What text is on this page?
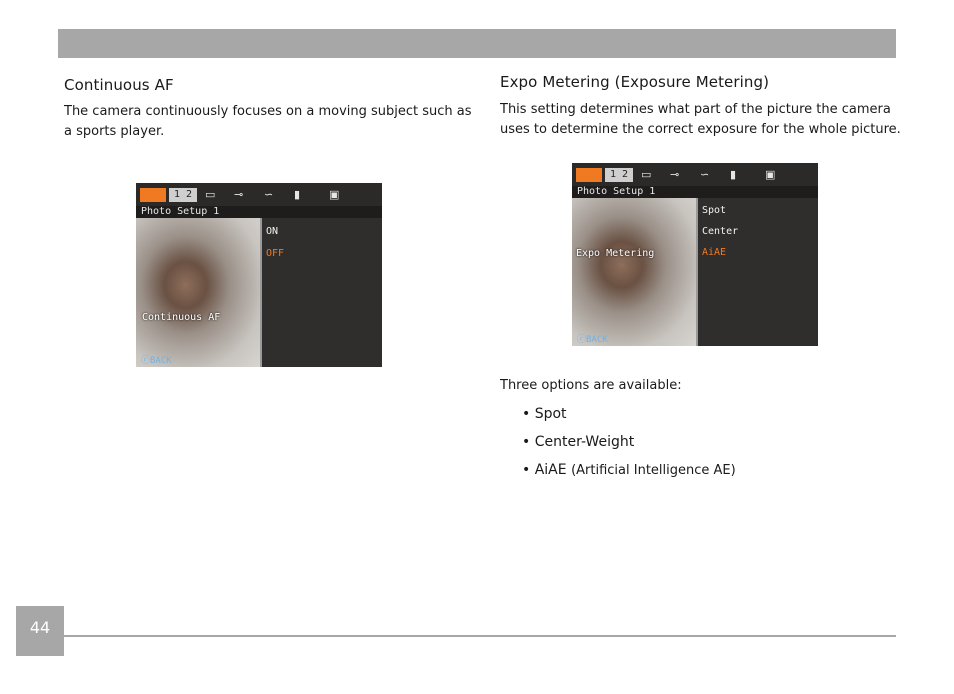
Continuous AF

The camera continuously focuses on a moving subject such as
a sports player.

1 2	▭ ⊸ ∽ ▮	▣
Photo Setup 1
ON
OFF
Continuous AF
ⓒBACK
Expo Metering (Exposure Metering)

This setting determines what part of the picture the camera
uses to determine the correct exposure for the whole picture.

1 2	▭ ⊸ ∽ ▮	▣
Photo Setup 1
Spot
Center
AiAE
Expo Metering
ⓒBACK

Three options are available:

• Spot
• Center-Weight
• AiAE (Artificial Intelligence AE)
44
